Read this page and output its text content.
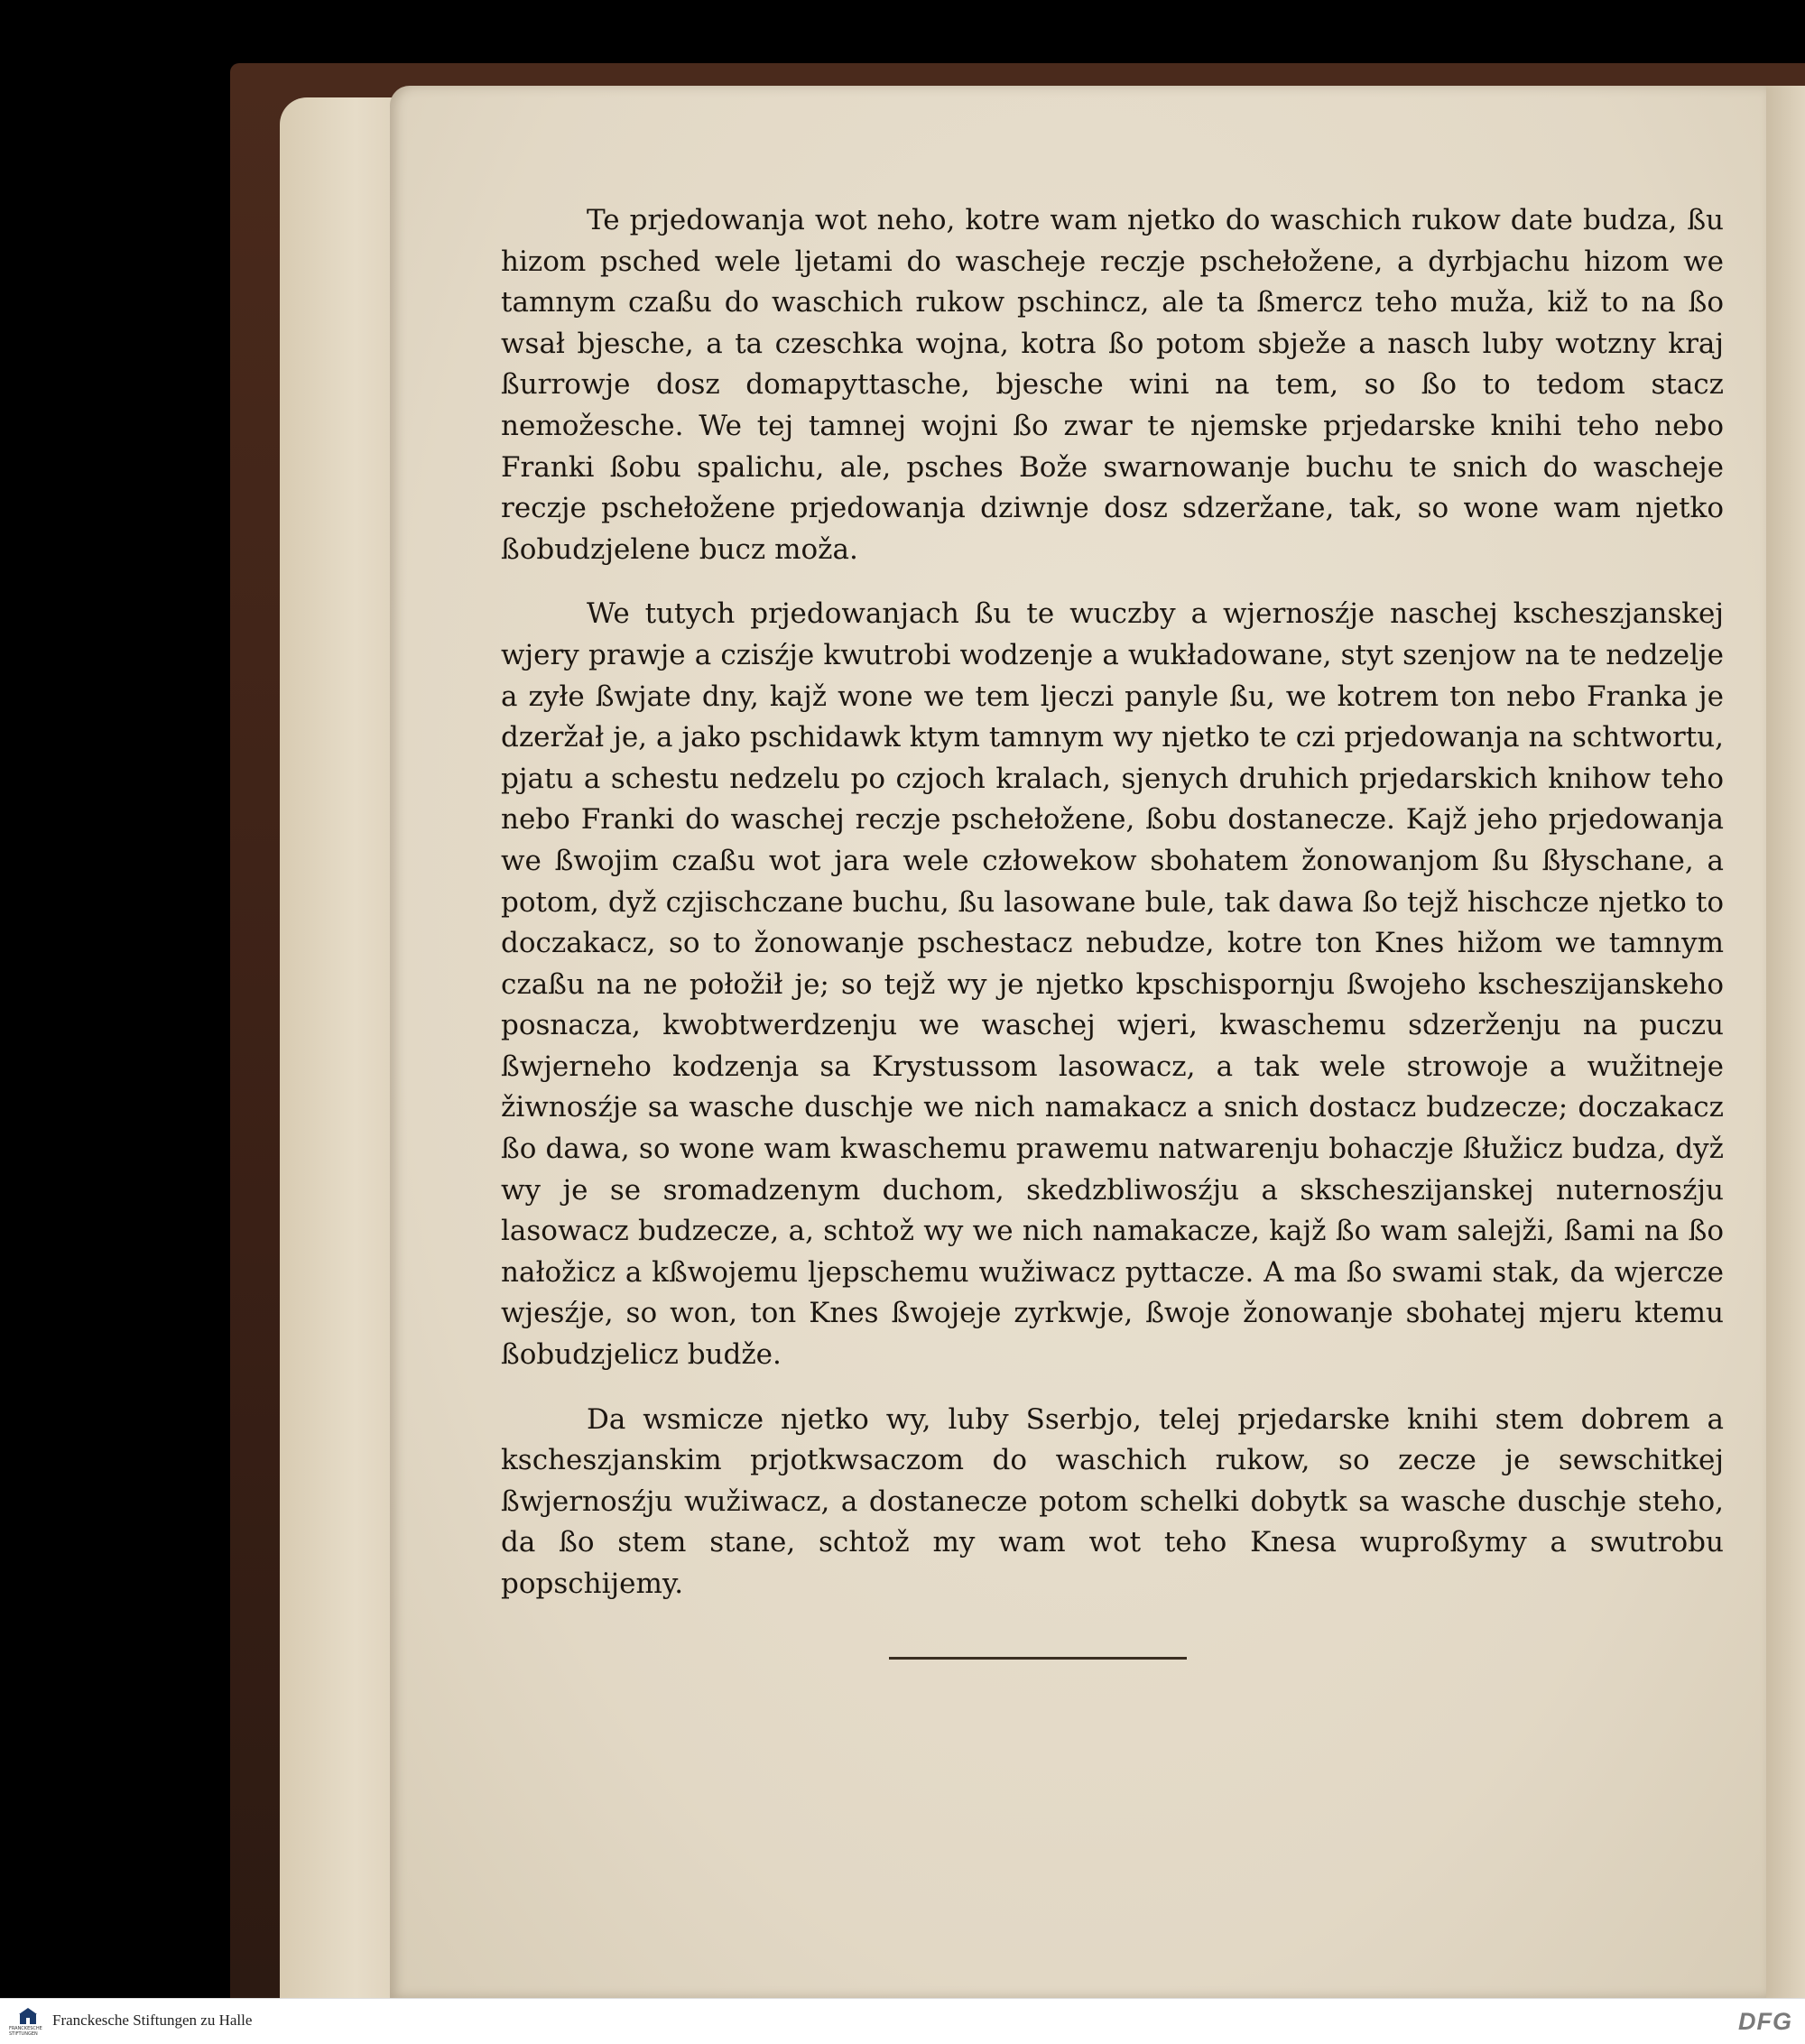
Te prjedowanja wot neho, kotre wam njetko do waschich rukow date budza, ßu hizom psched wele ljetami do wascheje reczje pschełožene, a dyrbjachu hizom we tamnym czaßu do waschich rukow pschincz, ale ta ßmercz teho muža, kiž to na ßo wsał bjesche, a ta czeschka wojna, kotra ßo potom sbježe a nasch luby wotzny kraj ßurrowje dosz domapyttasche, bjesche wini na tem, so ßo to tedom stacz nemožesche. We tej tamnej wojni ßo zwar te njemske prjedarske knihi teho nebo Franki ßobu spalichu, ale, psches Bože swarnowanje buchu te snich do wascheje reczje pschełožene prjedowanja dziwnje dosz sdzeržane, tak, so wone wam njetko ßobudzjelene bucz moža.

We tutych prjedowanjach ßu te wuczby a wjernosźje naschej kscheszjanskej wjery prawje a czisźje kwutrobi wodzenje a wukładowane, styt szenjow na te nedzelje a zyłe ßwjate dny, kajž wone we tem ljeczi panyle ßu, we kotrem ton nebo Franka je dzeržał je, a jako pschidawk ktym tamnym wy njetko te czi prjedowanja na schtwortu, pjatu a schestu nedzelu po czjoch kralach, sjenych druhich prjedarskich knihow teho nebo Franki do waschej reczje pschełožene, ßobu dostanecze. Kajž jeho prjedowanja we ßwojim czaßu wot jara wele człowekow sbohatem žonowanjom ßu ßłyschane, a potom, dyž czjischczane buchu, ßu lasowane bule, tak dawa ßo tejž hischcze njetko to doczakacz, so to žonowanje pschestacz nebudze, kotre ton Knes hižom we tamnym czaßu na ne połožił je; so tejž wy je njetko kpschispornju ßwojeho kscheszijanskeho posnacza, kwobtwerdzenju we waschej wjeri, kwaschemu sdzerženju na puczu ßwjerneho kodzenja sa Krystussom lasowacz, a tak wele strowoje a wužitneje žiwnosźje sa wasche duschje we nich namakacz a snich dostacz budzecze; doczakacz ßo dawa, so wone wam kwaschemu prawemu natwarenju bohaczje ßłužicz budza, dyž wy je se sromadzenym duchom, skedzbliwosźju a skscheszijanskej nuternosźju lasowacz budzecze, a, schtož wy we nich namakacze, kajž ßo wam salejži, ßami na ßo nałožicz a kßwojemu ljepschemu wužiwacz pyttacze. A ma ßo swami stak, da wjercze wjesźje, so won, ton Knes ßwojeje zyrkwje, ßwoje žonowanje sbohatej mjeru ktemu ßobudzjelicz budže.

Da wsmicze njetko wy, luby Sserbjo, telej prjedarske knihi stem dobrem a kscheszjanskim prjotkwsaczom do waschich rukow, so zecze je sewschitkej ßwjernosźju wužiwacz, a dostanecze potom schelki dobytk sa wasche duschje steho, da ßo stem stane, schtož my wam wot teho Knesa wuproßymy a swutrobu popschijemy.

FRANCKESCHE STIFTUNGEN
Franckesche Stiftungen zu Halle	DFG
